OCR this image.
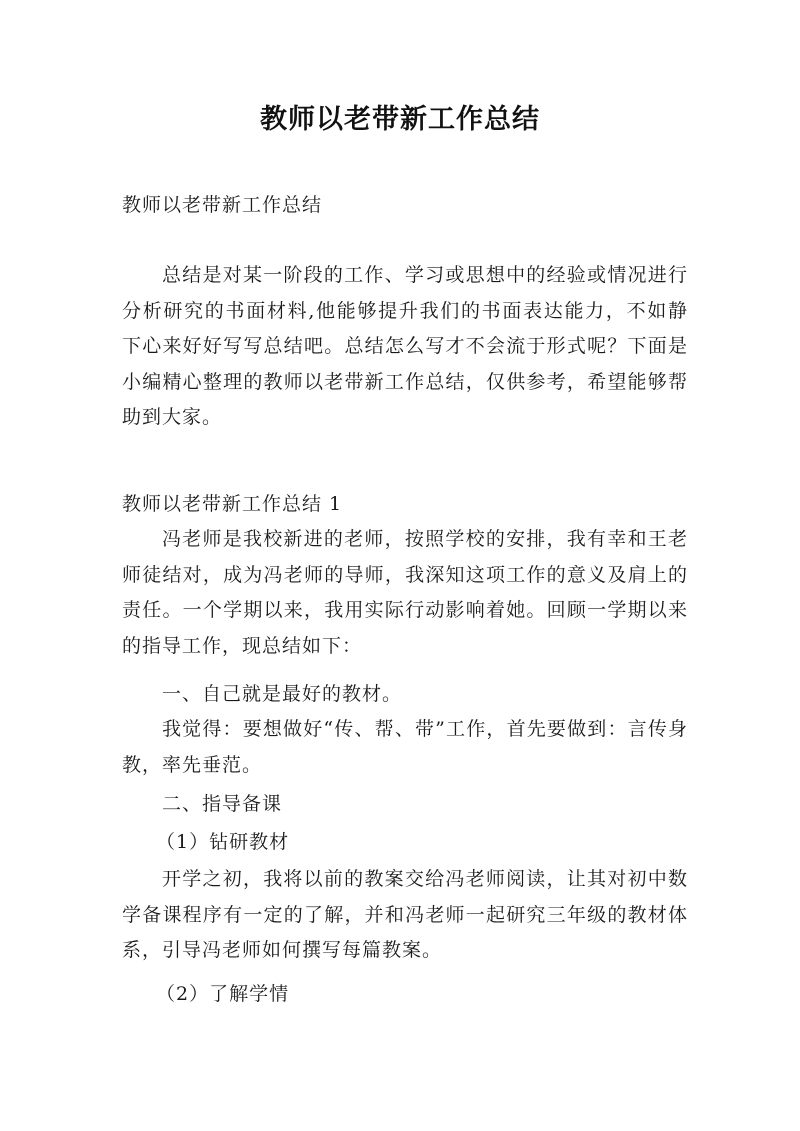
教师以老带新工作总结
教师以老带新工作总结

总结是对某一阶段的工作、学习或思想中的经验或情况进行分析研究的书面材料,他能够提升我们的书面表达能力，不如静下心来好好写写总结吧。总结怎么写才不会流于形式呢？下面是小编精心整理的教师以老带新工作总结，仅供参考，希望能够帮助到大家。

教师以老带新工作总结 1

冯老师是我校新进的老师，按照学校的安排，我有幸和王老师徒结对，成为冯老师的导师，我深知这项工作的意义及肩上的责任。一个学期以来，我用实际行动影响着她。回顾一学期以来的指导工作，现总结如下：

一、自己就是最好的教材。

我觉得：要想做好“传、帮、带”工作，首先要做到：言传身教，率先垂范。

二、指导备课
（1）钻研教材

开学之初，我将以前的教案交给冯老师阅读，让其对初中数学备课程序有一定的了解，并和冯老师一起研究三年级的教材体系，引导冯老师如何撰写每篇教案。

（2）了解学情
